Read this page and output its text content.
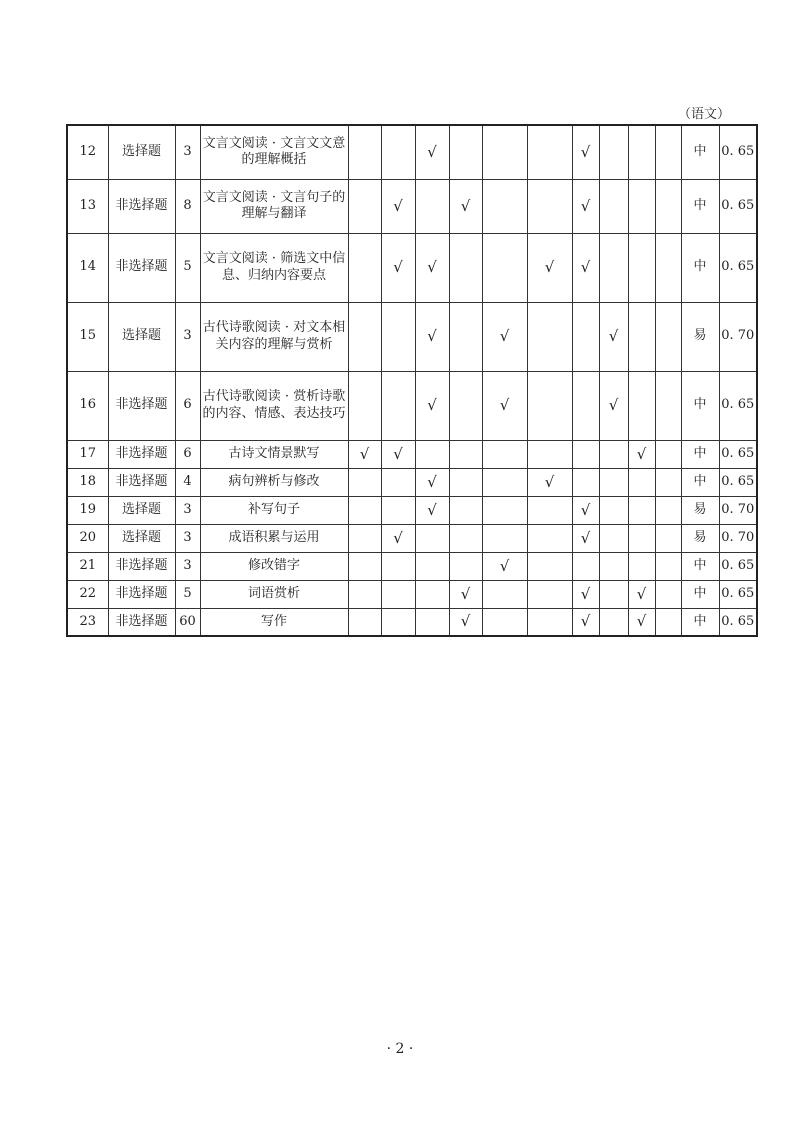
（语文）
12	选择题	3	文言文阅读 · 文言文文意的理解概括			√				√				中	0. 65
13	非选择题	8	文言文阅读 · 文言句子的理解与翻译		√		√			√				中	0. 65
14	非选择题	5	文言文阅读 · 筛选文中信息、归纳内容要点		√	√			√	√				中	0. 65
15	选择题	3	古代诗歌阅读 · 对文本相关内容的理解与赏析			√		√			√			易	0. 70
16	非选择题	6	古代诗歌阅读 · 赏析诗歌的内容、情感、表达技巧			√		√			√			中	0. 65
17	非选择题	6	古诗文情景默写	√	√							√		中	0. 65
18	非选择题	4	病句辨析与修改			√			√					中	0. 65
19	选择题	3	补写句子			√				√				易	0. 70
20	选择题	3	成语积累与运用		√					√				易	0. 70
21	非选择题	3	修改错字					√						中	0. 65
22	非选择题	5	词语赏析				√			√		√		中	0. 65
23	非选择题	60	写作				√			√		√		中	0. 65
· 2 ·
